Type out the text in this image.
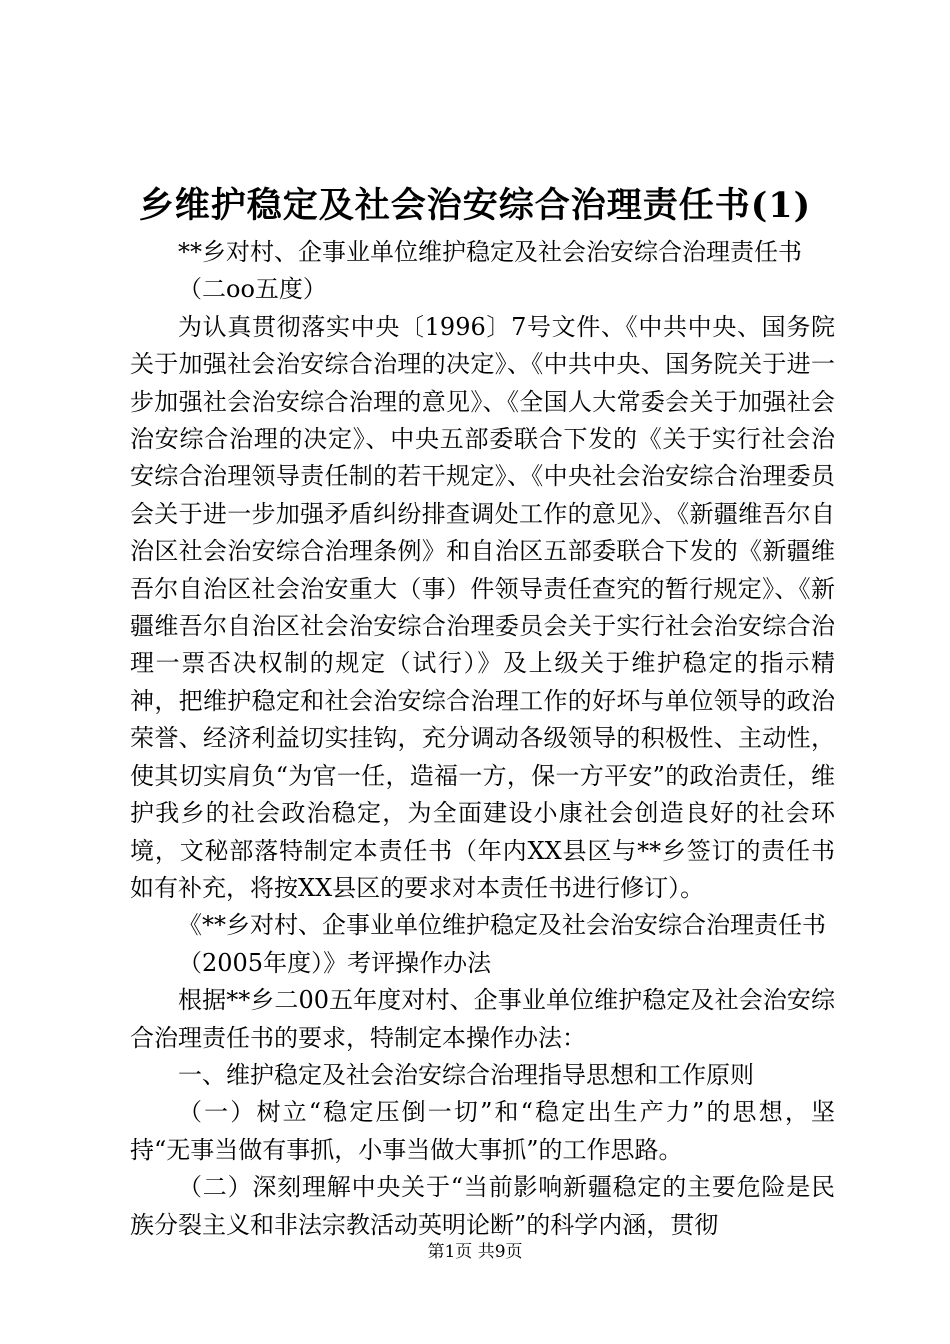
乡维护稳定及社会治安综合治理责任书(1)

**乡对村、企事业单位维护稳定及社会治安综合治理责任书

（二oo五度）

为认真贯彻落实中央〔1996〕7号文件、《中共中央、国务院关于加强社会治安综合治理的决定》、《中共中央、国务院关于进一步加强社会治安综合治理的意见》、《全国人大常委会关于加强社会治安综合治理的决定》、中央五部委联合下发的《关于实行社会治安综合治理领导责任制的若干规定》、《中央社会治安综合治理委员会关于进一步加强矛盾纠纷排查调处工作的意见》、《新疆维吾尔自治区社会治安综合治理条例》和自治区五部委联合下发的《新疆维吾尔自治区社会治安重大（事）件领导责任查究的暂行规定》、《新疆维吾尔自治区社会治安综合治理委员会关于实行社会治安综合治理一票否决权制的规定（试行）》及上级关于维护稳定的指示精神，把维护稳定和社会治安综合治理工作的好坏与单位领导的政治荣誉、经济利益切实挂钩，充分调动各级领导的积极性、主动性，使其切实肩负“为官一任，造福一方，保一方平安”的政治责任，维护我乡的社会政治稳定，为全面建设小康社会创造良好的社会环境，文秘部落特制定本责任书（年内XX县区与**乡签订的责任书如有补充，将按XX县区的要求对本责任书进行修订）。

《**乡对村、企事业单位维护稳定及社会治安综合治理责任书

（2005年度）》考评操作办法

根据**乡二00五年度对村、企事业单位维护稳定及社会治安综合治理责任书的要求，特制定本操作办法：

一、维护稳定及社会治安综合治理指导思想和工作原则

（一）树立“稳定压倒一切”和“稳定出生产力”的思想，坚持“无事当做有事抓，小事当做大事抓”的工作思路。

（二）深刻理解中央关于“当前影响新疆稳定的主要危险是民族分裂主义和非法宗教活动英明论断”的科学内涵，贯彻

第1页 共9页
